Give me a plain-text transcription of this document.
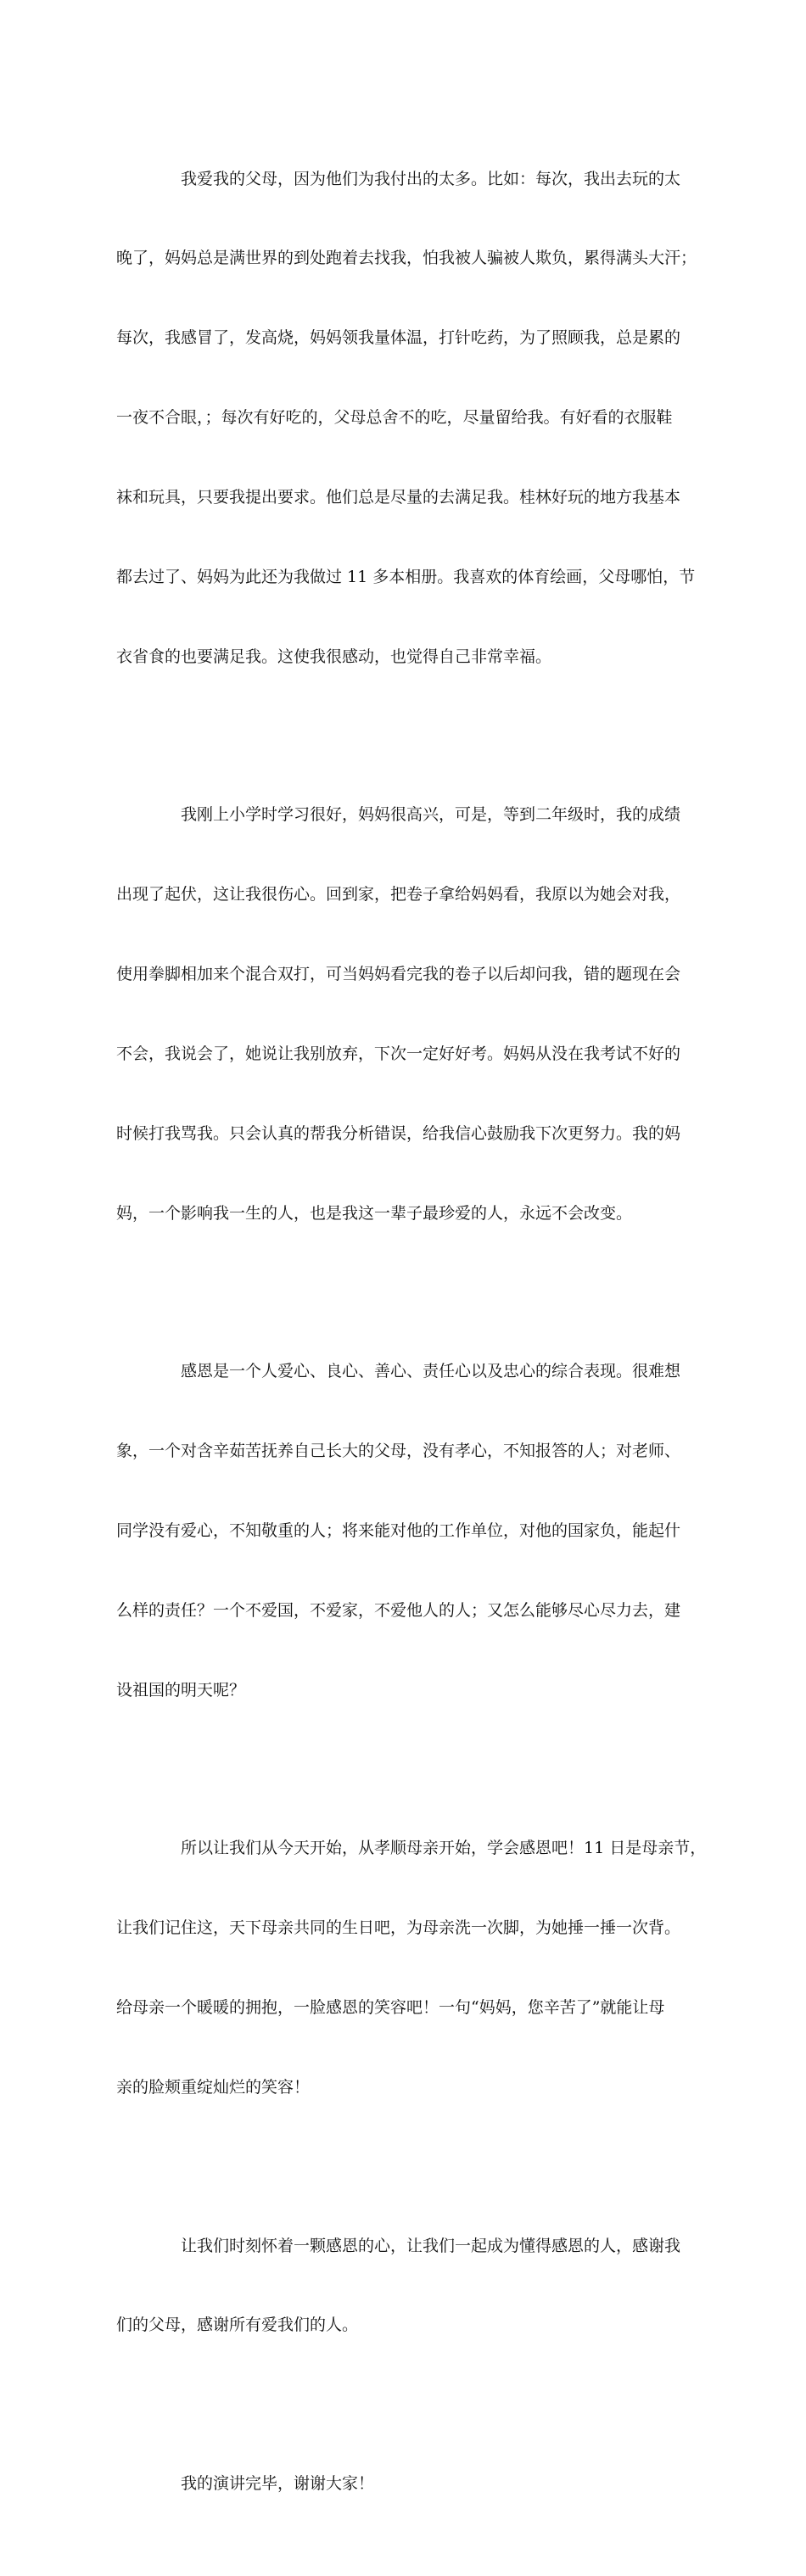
我爱我的父母，因为他们为我付出的太多。比如：每次，我出去玩的太

晚了，妈妈总是满世界的到处跑着去找我，怕我被人骗被人欺负，累得满头大汗；

每次，我感冒了，发高烧，妈妈领我量体温，打针吃药，为了照顾我，总是累的

一夜不合眼，；每次有好吃的，父母总舍不的吃，尽量留给我。有好看的衣服鞋

袜和玩具，只要我提出要求。他们总是尽量的去满足我。桂林好玩的地方我基本

都去过了、妈妈为此还为我做过 11 多本相册。我喜欢的体育绘画，父母哪怕，节

衣省食的也要满足我。这使我很感动，也觉得自己非常幸福。

我刚上小学时学习很好，妈妈很高兴，可是，等到二年级时，我的成绩

出现了起伏，这让我很伤心。回到家，把卷子拿给妈妈看，我原以为她会对我，

使用拳脚相加来个混合双打，可当妈妈看完我的卷子以后却问我，错的题现在会

不会，我说会了，她说让我别放弃，下次一定好好考。妈妈从没在我考试不好的

时候打我骂我。只会认真的帮我分析错误，给我信心鼓励我下次更努力。我的妈

妈，一个影响我一生的人，也是我这一辈子最珍爱的人，永远不会改变。

感恩是一个人爱心、良心、善心、责任心以及忠心的综合表现。很难想

象，一个对含辛茹苦抚养自己长大的父母，没有孝心，不知报答的人；对老师、

同学没有爱心，不知敬重的人；将来能对他的工作单位，对他的国家负，能起什

么样的责任？一个不爱国，不爱家，不爱他人的人；又怎么能够尽心尽力去，建

设祖国的明天呢？

所以让我们从今天开始，从孝顺母亲开始，学会感恩吧！11 日是母亲节，

让我们记住这，天下母亲共同的生日吧，为母亲洗一次脚，为她捶一捶一次背。

给母亲一个暖暖的拥抱，一脸感恩的笑容吧！一句“妈妈，您辛苦了”就能让母

亲的脸颊重绽灿烂的笑容！

让我们时刻怀着一颗感恩的心，让我们一起成为懂得感恩的人，感谢我

们的父母，感谢所有爱我们的人。

我的演讲完毕，谢谢大家！
